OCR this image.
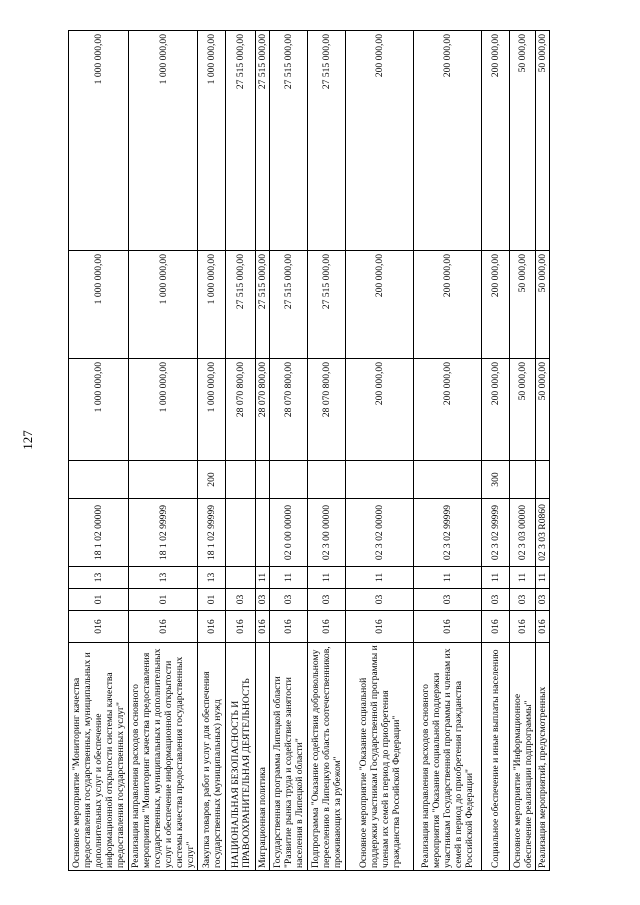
127
Основное мероприятие "Мониторинг качества предоставления государственных, муниципальных и дополнительных услуг и обеспечение информационной открытости системы качества предоставления государственных услуг"	016	01	13	18 1 02 00000		1 000 000,00	1 000 000,00	1 000 000,00
Реализация направления расходов основного мероприятия "Мониторинг качества предоставления государственных, муниципальных и дополнительных услуг и обеспечение информационной открытости системы качества предоставления государственных услуг"	016	01	13	18 1 02 99999		1 000 000,00	1 000 000,00	1 000 000,00
Закупка товаров, работ и услуг для обеспечения государственных (муниципальных) нужд	016	01	13	18 1 02 99999	200	1 000 000,00	1 000 000,00	1 000 000,00
НАЦИОНАЛЬНАЯ БЕЗОПАСНОСТЬ И ПРАВООХРАНИТЕЛЬНАЯ ДЕЯТЕЛЬНОСТЬ	016	03				28 070 800,00	27 515 000,00	27 515 000,00
Миграционная политика	016	03	11			28 070 800,00	27 515 000,00	27 515 000,00
Государственная программа Липецкой области "Развитие рынка труда и содействие занятости населения в Липецкой области"	016	03	11	02 0 00 00000		28 070 800,00	27 515 000,00	27 515 000,00
Подпрограмма "Оказание содействия добровольному переселению в Липецкую область соотечественников, проживающих за рубежом"	016	03	11	02 3 00 00000		28 070 800,00	27 515 000,00	27 515 000,00
Основное мероприятие "Оказание социальной поддержки участникам Государственной программы и членам их семей в период до приобретения гражданства Российской Федерации"	016	03	11	02 3 02 00000		200 000,00	200 000,00	200 000,00
Реализация направления расходов основного мероприятия "Оказание социальной поддержки участникам Государственной программы и членам их семей в период до приобретения гражданства Российской Федерации"	016	03	11	02 3 02 99999		200 000,00	200 000,00	200 000,00
Социальное обеспечение и иные выплаты населению	016	03	11	02 3 02 99999	300	200 000,00	200 000,00	200 000,00
Основное мероприятие "Информационное обеспечение реализации подпрограммы"	016	03	11	02 3 03 00000		50 000,00	50 000,00	50 000,00
Реализация мероприятий, предусмотренных	016	03	11	02 3 03 R0860		50 000,00	50 000,00	50 000,00
